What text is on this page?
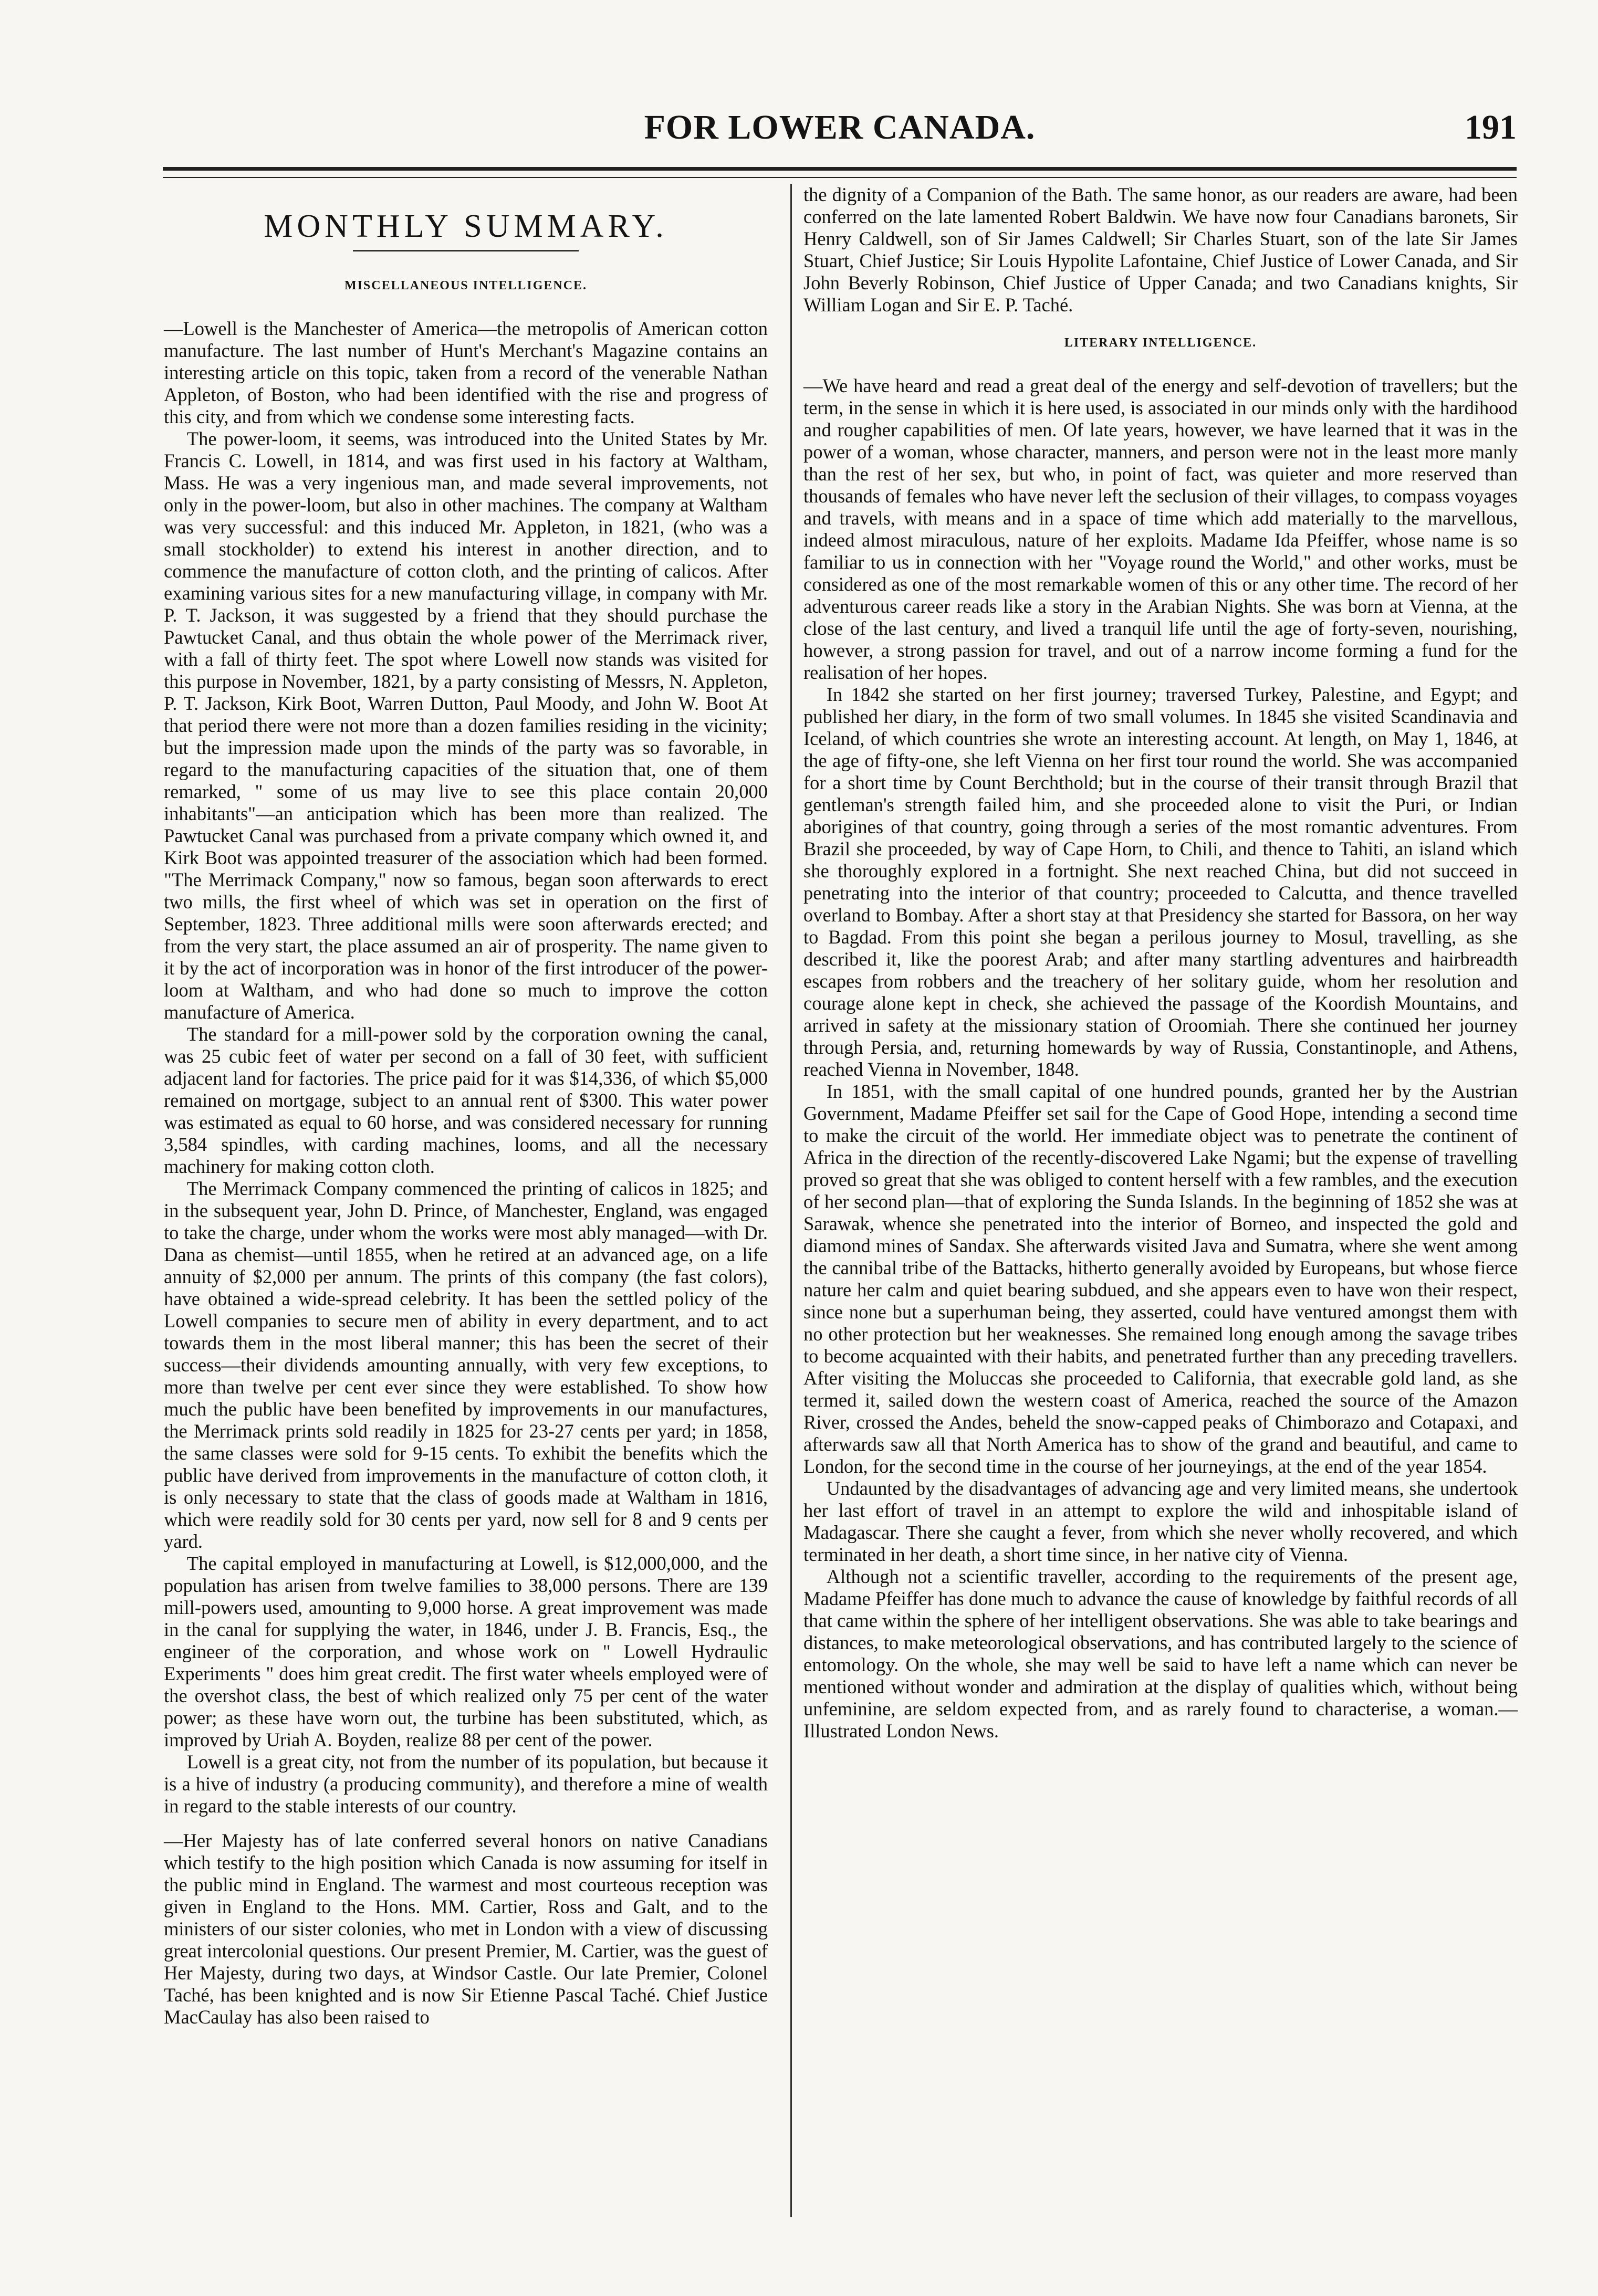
FOR LOWER CANADA.	191
MONTHLY SUMMARY.
MISCELLANEOUS INTELLIGENCE.

—Lowell is the Manchester of America—the metropolis of American cotton manufacture. The last number of Hunt's Merchant's Magazine contains an interesting article on this topic, taken from a record of the venerable Nathan Appleton, of Boston, who had been identified with the rise and progress of this city, and from which we condense some interesting facts.

The power-loom, it seems, was introduced into the United States by Mr. Francis C. Lowell, in 1814, and was first used in his factory at Waltham, Mass. He was a very ingenious man, and made several improvements, not only in the power-loom, but also in other machines. The company at Waltham was very successful: and this induced Mr. Appleton, in 1821, (who was a small stockholder) to extend his interest in another direction, and to commence the manufacture of cotton cloth, and the printing of calicos. After examining various sites for a new manufacturing village, in company with Mr. P. T. Jackson, it was suggested by a friend that they should purchase the Pawtucket Canal, and thus obtain the whole power of the Merrimack river, with a fall of thirty feet. The spot where Lowell now stands was visited for this purpose in November, 1821, by a party consisting of Messrs, N. Appleton, P. T. Jackson, Kirk Boot, Warren Dutton, Paul Moody, and John W. Boot At that period there were not more than a dozen families residing in the vicinity; but the impression made upon the minds of the party was so favorable, in regard to the manufacturing capacities of the situation that, one of them remarked, " some of us may live to see this place contain 20,000 inhabitants"—an anticipation which has been more than realized. The Pawtucket Canal was purchased from a private company which owned it, and Kirk Boot was appointed treasurer of the association which had been formed. "The Merrimack Company," now so famous, began soon afterwards to erect two mills, the first wheel of which was set in operation on the first of September, 1823. Three additional mills were soon afterwards erected; and from the very start, the place assumed an air of prosperity. The name given to it by the act of incorporation was in honor of the first introducer of the power-loom at Waltham, and who had done so much to improve the cotton manufacture of America.

The standard for a mill-power sold by the corporation owning the canal, was 25 cubic feet of water per second on a fall of 30 feet, with sufficient adjacent land for factories. The price paid for it was $14,336, of which $5,000 remained on mortgage, subject to an annual rent of $300. This water power was estimated as equal to 60 horse, and was considered necessary for running 3,584 spindles, with carding machines, looms, and all the necessary machinery for making cotton cloth.

The Merrimack Company commenced the printing of calicos in 1825; and in the subsequent year, John D. Prince, of Manchester, England, was engaged to take the charge, under whom the works were most ably managed—with Dr. Dana as chemist—until 1855, when he retired at an advanced age, on a life annuity of $2,000 per annum. The prints of this company (the fast colors), have obtained a wide-spread celebrity. It has been the settled policy of the Lowell companies to secure men of ability in every department, and to act towards them in the most liberal manner; this has been the secret of their success—their dividends amounting annually, with very few exceptions, to more than twelve per cent ever since they were established. To show how much the public have been benefited by improvements in our manufactures, the Merrimack prints sold readily in 1825 for 23-27 cents per yard; in 1858, the same classes were sold for 9-15 cents. To exhibit the benefits which the public have derived from improvements in the manufacture of cotton cloth, it is only necessary to state that the class of goods made at Waltham in 1816, which were readily sold for 30 cents per yard, now sell for 8 and 9 cents per yard.

The capital employed in manufacturing at Lowell, is $12,000,000, and the population has arisen from twelve families to 38,000 persons. There are 139 mill-powers used, amounting to 9,000 horse. A great improvement was made in the canal for supplying the water, in 1846, under J. B. Francis, Esq., the engineer of the corporation, and whose work on " Lowell Hydraulic Experiments " does him great credit. The first water wheels employed were of the overshot class, the best of which realized only 75 per cent of the water power; as these have worn out, the turbine has been substituted, which, as improved by Uriah A. Boyden, realize 88 per cent of the power.

Lowell is a great city, not from the number of its population, but because it is a hive of industry (a producing community), and therefore a mine of wealth in regard to the stable interests of our country.

—Her Majesty has of late conferred several honors on native Canadians which testify to the high position which Canada is now assuming for itself in the public mind in England. The warmest and most courteous reception was given in England to the Hons. MM. Cartier, Ross and Galt, and to the ministers of our sister colonies, who met in London with a view of discussing great intercolonial questions. Our present Premier, M. Cartier, was the guest of Her Majesty, during two days, at Windsor Castle. Our late Premier, Colonel Taché, has been knighted and is now Sir Etienne Pascal Taché. Chief Justice MacCaulay has also been raised to

the dignity of a Companion of the Bath. The same honor, as our readers are aware, had been conferred on the late lamented Robert Baldwin. We have now four Canadians baronets, Sir Henry Caldwell, son of Sir James Caldwell; Sir Charles Stuart, son of the late Sir James Stuart, Chief Justice; Sir Louis Hypolite Lafontaine, Chief Justice of Lower Canada, and Sir John Beverly Robinson, Chief Justice of Upper Canada; and two Canadians knights, Sir William Logan and Sir E. P. Taché.

LITERARY INTELLIGENCE.

—We have heard and read a great deal of the energy and self-devotion of travellers; but the term, in the sense in which it is here used, is associated in our minds only with the hardihood and rougher capabilities of men. Of late years, however, we have learned that it was in the power of a woman, whose character, manners, and person were not in the least more manly than the rest of her sex, but who, in point of fact, was quieter and more reserved than thousands of females who have never left the seclusion of their villages, to compass voyages and travels, with means and in a space of time which add materially to the marvellous, indeed almost miraculous, nature of her exploits. Madame Ida Pfeiffer, whose name is so familiar to us in connection with her "Voyage round the World," and other works, must be considered as one of the most remarkable women of this or any other time. The record of her adventurous career reads like a story in the Arabian Nights. She was born at Vienna, at the close of the last century, and lived a tranquil life until the age of forty-seven, nourishing, however, a strong passion for travel, and out of a narrow income forming a fund for the realisation of her hopes.

In 1842 she started on her first journey; traversed Turkey, Palestine, and Egypt; and published her diary, in the form of two small volumes. In 1845 she visited Scandinavia and Iceland, of which countries she wrote an interesting account. At length, on May 1, 1846, at the age of fifty-one, she left Vienna on her first tour round the world. She was accompanied for a short time by Count Berchthold; but in the course of their transit through Brazil that gentleman's strength failed him, and she proceeded alone to visit the Puri, or Indian aborigines of that country, going through a series of the most romantic adventures. From Brazil she proceeded, by way of Cape Horn, to Chili, and thence to Tahiti, an island which she thoroughly explored in a fortnight. She next reached China, but did not succeed in penetrating into the interior of that country; proceeded to Calcutta, and thence travelled overland to Bombay. After a short stay at that Presidency she started for Bassora, on her way to Bagdad. From this point she began a perilous journey to Mosul, travelling, as she described it, like the poorest Arab; and after many startling adventures and hairbreadth escapes from robbers and the treachery of her solitary guide, whom her resolution and courage alone kept in check, she achieved the passage of the Koordish Mountains, and arrived in safety at the missionary station of Oroomiah. There she continued her journey through Persia, and, returning homewards by way of Russia, Constantinople, and Athens, reached Vienna in November, 1848.

In 1851, with the small capital of one hundred pounds, granted her by the Austrian Government, Madame Pfeiffer set sail for the Cape of Good Hope, intending a second time to make the circuit of the world. Her immediate object was to penetrate the continent of Africa in the direction of the recently-discovered Lake Ngami; but the expense of travelling proved so great that she was obliged to content herself with a few rambles, and the execution of her second plan—that of exploring the Sunda Islands. In the beginning of 1852 she was at Sarawak, whence she penetrated into the interior of Borneo, and inspected the gold and diamond mines of Sandax. She afterwards visited Java and Sumatra, where she went among the cannibal tribe of the Battacks, hitherto generally avoided by Europeans, but whose fierce nature her calm and quiet bearing subdued, and she appears even to have won their respect, since none but a superhuman being, they asserted, could have ventured amongst them with no other protection but her weaknesses. She remained long enough among the savage tribes to become acquainted with their habits, and penetrated further than any preceding travellers. After visiting the Moluccas she proceeded to California, that execrable gold land, as she termed it, sailed down the western coast of America, reached the source of the Amazon River, crossed the Andes, beheld the snow-capped peaks of Chimborazo and Cotapaxi, and afterwards saw all that North America has to show of the grand and beautiful, and came to London, for the second time in the course of her journeyings, at the end of the year 1854.

Undaunted by the disadvantages of advancing age and very limited means, she undertook her last effort of travel in an attempt to explore the wild and inhospitable island of Madagascar. There she caught a fever, from which she never wholly recovered, and which terminated in her death, a short time since, in her native city of Vienna.

Although not a scientific traveller, according to the requirements of the present age, Madame Pfeiffer has done much to advance the cause of knowledge by faithful records of all that came within the sphere of her intelligent observations. She was able to take bearings and distances, to make meteorological observations, and has contributed largely to the science of entomology. On the whole, she may well be said to have left a name which can never be mentioned without wonder and admiration at the display of qualities which, without being unfeminine, are seldom expected from, and as rarely found to characterise, a woman.—Illustrated London News.
